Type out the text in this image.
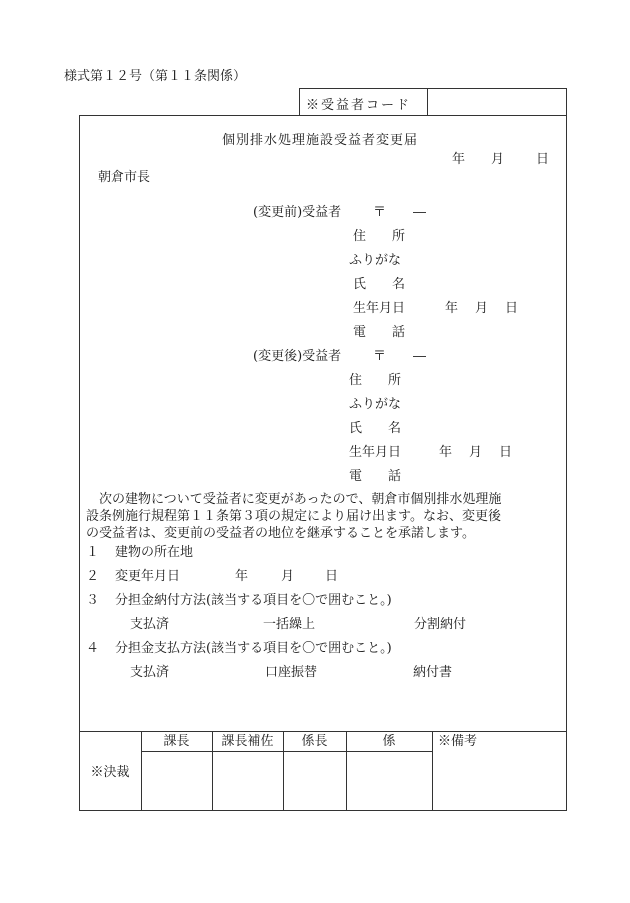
様式第１２号（第１１条関係）
※受益者コード
個別排水処理施設受益者変更届
年 月 日
朝倉市長
(変更前)受益者 〒 ―
住　　所
ふりがな
氏　　名
生年月日	年 月 日
電　　話
(変更後)受益者 〒 ―
住　　所
ふりがな
氏　　名
生年月日	年 月 日
電　　話
　次の建物について受益者に変更があったので、朝倉市個別排水処理施
設条例施行規程第１１条第３項の規定により届け出ます。なお、変更後
の受益者は、変更前の受益者の地位を継承することを承諾します。
１ 建物の所在地
２ 変更年月日	年	月 日
３ 分担金納付方法(該当する項目を〇で囲むこと。)
支払済	一括繰上	分割納付
４ 分担金支払方法(該当する項目を〇で囲むこと。)
支払済	口座振替	納付書
※決裁
課長	課長補佐	係長	係	※備考
